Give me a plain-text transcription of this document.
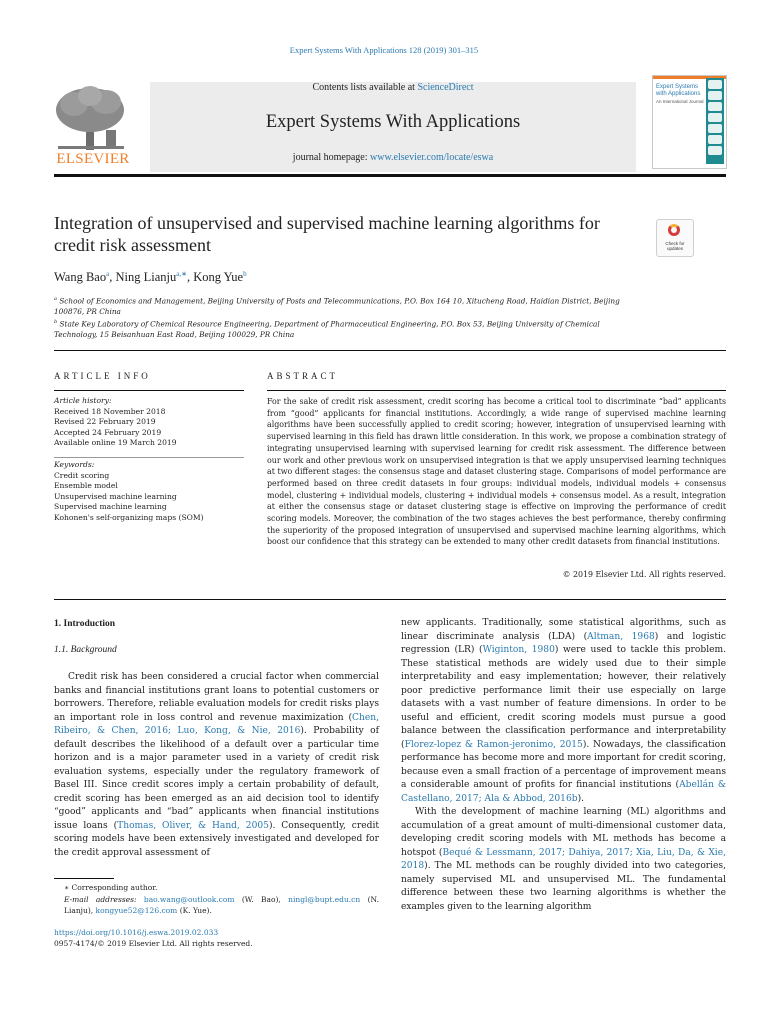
Expert Systems With Applications 128 (2019) 301–315
Contents lists available at ScienceDirect
Expert Systems With Applications
journal homepage: www.elsevier.com/locate/eswa
ELSEVIER
Expert Systems with Applications
An International Journal
Integration of unsupervised and supervised machine learning algorithms for credit risk assessment	Check for updates
Wang Bao$^a$, Ning Lianju$^{a,∗}$, Kong Yue$^b$
$^a$ School of Economics and Management, Beijing University of Posts and Telecommunications, P.O. Box 164 10, Xitucheng Road, Haidian District, Beijing 100876, PR China
$^b$ State Key Laboratory of Chemical Resource Engineering, Department of Pharmaceutical Engineering, P.O. Box 53, Beijing University of Chemical Technology, 15 Beisanhuan East Road, Beijing 100029, PR China
ARTICLE INFO	ABSTRACT
Article history:
Received 18 November 2018
Revised 22 February 2019
Accepted 24 February 2019
Available online 19 March 2019
Keywords:
Credit scoring
Ensemble model
Unsupervised machine learning
Supervised machine learning
Kohonen's self-organizing maps (SOM)

For the sake of credit risk assessment, credit scoring has become a critical tool to discriminate “bad” applicants from “good” applicants for financial institutions. Accordingly, a wide range of supervised machine learning algorithms have been successfully applied to credit scoring; however, integration of unsupervised learning with supervised learning in this field has drawn little consideration. In this work, we propose a combination strategy of integrating unsupervised learning with supervised learning for credit risk assessment. The difference between our work and other previous work on unsupervised integration is that we apply unsupervised learning techniques at two different stages: the consensus stage and dataset clustering stage. Comparisons of model performance are performed based on three credit datasets in four groups: individual models, individual models + consensus model, clustering + individual models, clustering + individual models + consensus model. As a result, integration at either the consensus stage or dataset clustering stage is effective on improving the performance of credit scoring models. Moreover, the combination of the two stages achieves the best performance, thereby confirming the superiority of the proposed integration of unsupervised and supervised machine learning algorithms, which boost our confidence that this strategy can be extended to many other credit datasets from financial institutions.

© 2019 Elsevier Ltd. All rights reserved.
1. Introduction
1.1. Background

Credit risk has been considered a crucial factor when commercial banks and financial institutions grant loans to potential customers or borrowers. Therefore, reliable evaluation models for credit risks plays an important role in loss control and revenue maximization (Chen, Ribeiro, & Chen, 2016; Luo, Kong, & Nie, 2016). Probability of default describes the likelihood of a default over a particular time horizon and is a major parameter used in a variety of credit risk evaluation systems, especially under the regulatory framework of Basel III. Since credit scores imply a certain probability of default, credit scoring has been emerged as an aid decision tool to identify “good” applicants and “bad” applicants when financial institutions issue loans (Thomas, Oliver, & Hand, 2005). Consequently, credit scoring models have been extensively investigated and developed for the credit approval assessment of

new applicants. Traditionally, some statistical algorithms, such as linear discriminate analysis (LDA) (Altman, 1968) and logistic regression (LR) (Wiginton, 1980) were used to tackle this problem. These statistical methods are widely used due to their simple interpretability and easy implementation; however, their relatively poor predictive performance limit their use especially on large datasets with a vast number of feature dimensions. In order to be useful and efficient, credit scoring models must pursue a good balance between the classification performance and interpretability (Florez-lopez & Ramon-jeronimo, 2015). Nowadays, the classification performance has become more and more important for credit scoring, because even a small fraction of a percentage of improvement means a considerable amount of profits for financial institutions (Abellán & Castellano, 2017; Ala & Abbod, 2016b).

With the development of machine learning (ML) algorithms and accumulation of a great amount of multi-dimensional customer data, developing credit scoring models with ML methods has become a hotspot (Bequé & Lessmann, 2017; Dahiya, 2017; Xia, Liu, Da, & Xie, 2018). The ML methods can be roughly divided into two categories, namely supervised ML and unsupervised ML. The fundamental difference between these two learning algorithms is whether the examples given to the learning algorithm

∗ Corresponding author.
E-mail addresses: bao.wang@outlook.com (W. Bao), ningl@bupt.edu.cn (N. Lianju), kongyue52@126.com (K. Yue).
https://doi.org/10.1016/j.eswa.2019.02.033
0957-4174/© 2019 Elsevier Ltd. All rights reserved.
